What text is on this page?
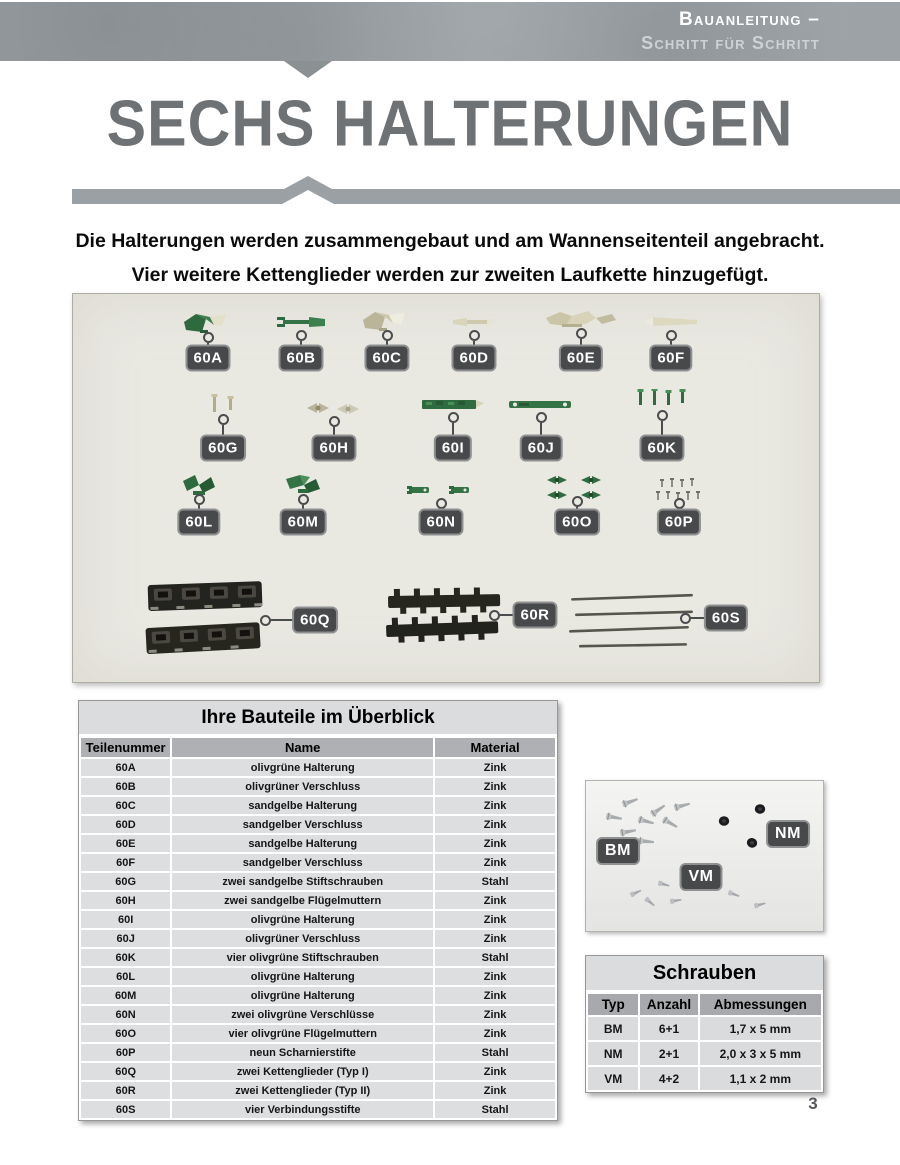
Bauanleitung –
Schritt für Schritt
SECHS HALTERUNGEN
Die Halterungen werden zusammengebaut und am Wannenseitenteil angebracht.
Vier weitere Kettenglieder werden zur zweiten Laufkette hinzugefügt.
60A	60B	60C	60D	60E	60F
60G	60H	60I	60J	60K
60L	60M	60N	60O	60P
60Q	60R	60S
Ihre Bauteile im Überblick
Teilenummer	Name	Material
60A	olivgrüne Halterung	Zink
60B	olivgrüner Verschluss	Zink
60C	sandgelbe Halterung	Zink
60D	sandgelber Verschluss	Zink
60E	sandgelbe Halterung	Zink
60F	sandgelber Verschluss	Zink
60G	zwei sandgelbe Stiftschrauben	Stahl
60H	zwei sandgelbe Flügelmuttern	Zink
60I	olivgrüne Halterung	Zink
60J	olivgrüner Verschluss	Zink
60K	vier olivgrüne Stiftschrauben	Stahl
60L	olivgrüne Halterung	Zink
60M	olivgrüne Halterung	Zink
60N	zwei olivgrüne Verschlüsse	Zink
60O	vier olivgrüne Flügelmuttern	Zink
60P	neun Scharnierstifte	Stahl
60Q	zwei Kettenglieder (Typ I)	Zink
60R	zwei Kettenglieder (Typ II)	Zink
60S	vier Verbindungsstifte	Stahl
BM
NM
VM
Schrauben
Typ	Anzahl	Abmessungen
BM	6+1	1,7 x 5 mm
NM	2+1	2,0 x 3 x 5 mm
VM	4+2	1,1 x 2 mm
3
